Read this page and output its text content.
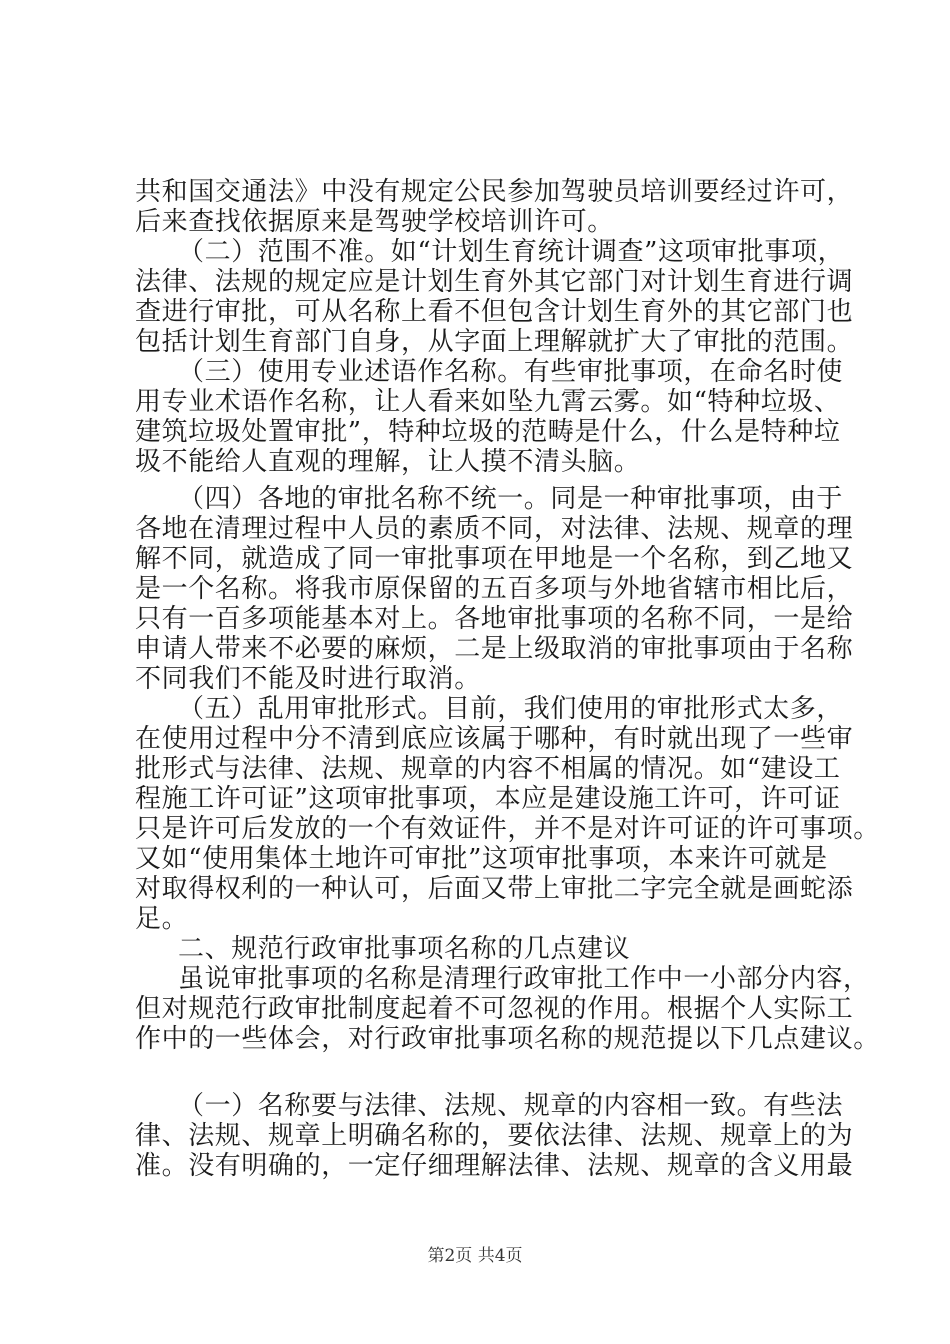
共和国交通法》中没有规定公民参加驾驶员培训要经过许可，
后来查找依据原来是驾驶学校培训许可。
（二）范围不准。如“计划生育统计调查”这项审批事项，
法律、法规的规定应是计划生育外其它部门对计划生育进行调
查进行审批，可从名称上看不但包含计划生育外的其它部门也
包括计划生育部门自身，从字面上理解就扩大了审批的范围。
（三）使用专业述语作名称。有些审批事项，在命名时使
用专业术语作名称，让人看来如坠九霄云雾。如“特种垃圾、
建筑垃圾处置审批”，特种垃圾的范畴是什么，什么是特种垃
圾不能给人直观的理解，让人摸不清头脑。
（四）各地的审批名称不统一。同是一种审批事项，由于
各地在清理过程中人员的素质不同，对法律、法规、规章的理
解不同，就造成了同一审批事项在甲地是一个名称，到乙地又
是一个名称。将我市原保留的五百多项与外地省辖市相比后，
只有一百多项能基本对上。各地审批事项的名称不同，一是给
申请人带来不必要的麻烦，二是上级取消的审批事项由于名称
不同我们不能及时进行取消。
（五）乱用审批形式。目前，我们使用的审批形式太多，
在使用过程中分不清到底应该属于哪种，有时就出现了一些审
批形式与法律、法规、规章的内容不相属的情况。如“建设工
程施工许可证”这项审批事项，本应是建设施工许可，许可证
只是许可后发放的一个有效证件，并不是对许可证的许可事项。
又如“使用集体土地许可审批”这项审批事项，本来许可就是
对取得权利的一种认可，后面又带上审批二字完全就是画蛇添
足。
二、规范行政审批事项名称的几点建议
虽说审批事项的名称是清理行政审批工作中一小部分内容，
但对规范行政审批制度起着不可忽视的作用。根据个人实际工
作中的一些体会，对行政审批事项名称的规范提以下几点建议。
（一）名称要与法律、法规、规章的内容相一致。有些法
律、法规、规章上明确名称的，要依法律、法规、规章上的为
准。没有明确的，一定仔细理解法律、法规、规章的含义用最
第2页 共4页
